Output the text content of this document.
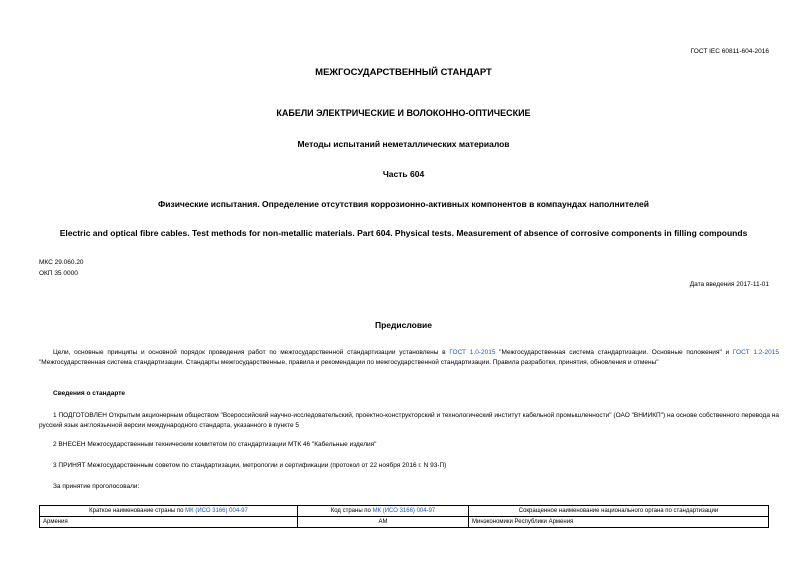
ГОСТ IEC 60811-604-2016
МЕЖГОСУДАРСТВЕННЫЙ СТАНДАРТ
КАБЕЛИ ЭЛЕКТРИЧЕСКИЕ И ВОЛОКОННО-ОПТИЧЕСКИЕ
Методы испытаний неметаллических материалов
Часть 604
Физические испытания. Определение отсутствия коррозионно-активных компонентов в компаундах наполнителей
Electric and optical fibre cables. Test methods for non-metallic materials. Part 604. Physical tests. Measurement of absence of corrosive components in filling compounds
МКС 29.060.20
ОКП 35 0000
Дата введения 2017-11-01
Предисловие
Цели, основные принципы и основной порядок проведения работ по межгосударственной стандартизации установлены в ГОСТ 1.0-2015 "Межгосударственная система стандартизации. Основные положения" и ГОСТ 1.2-2015 "Межгосударственная система стандартизации. Стандарты межгосударственные, правила и рекомендации по межгосударственной стандартизации. Правила разработки, принятия, обновления и отмены"
Сведения о стандарте
1 ПОДГОТОВЛЕН Открытым акционерным обществом "Всероссийский научно-исследовательский, проектно-конструкторский и технологический институт кабельной промышленности" (ОАО "ВНИИКП") на основе собственного перевода на русский язык англоязычной версии международного стандарта, указанного в пункте 5
2 ВНЕСЕН Межгосударственным техническим комитетом по стандартизации МТК 46 "Кабельные изделия"
3 ПРИНЯТ Межгосударственным советом по стандартизации, метрологии и сертификации (протокол от 22 ноября 2016 г. N 93-П)
За принятие проголосовали:
Краткое наименование страны по МК (ИСО 3166) 004-97	Код страны по МК (ИСО 3166) 004-97	Сокращенное наименование национального органа по стандартизации
Армения	AM	Минэкономики Республики Армения
